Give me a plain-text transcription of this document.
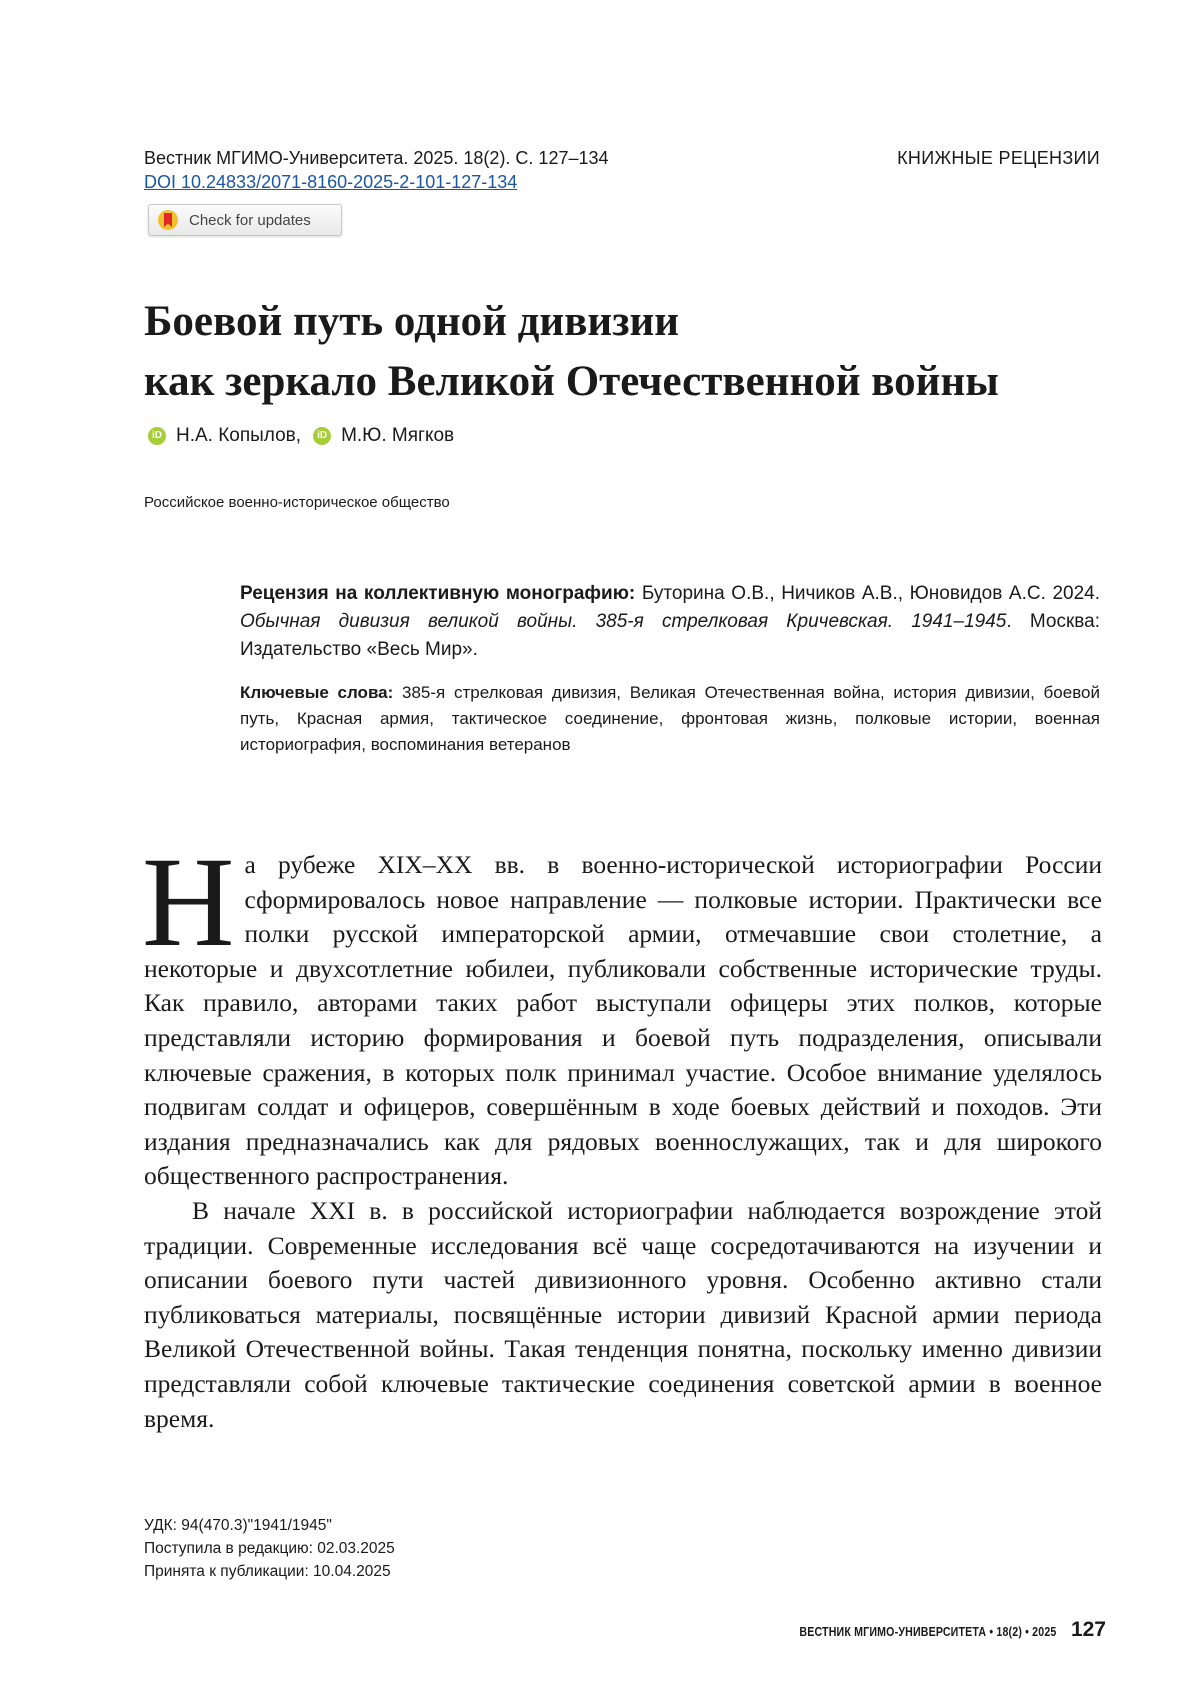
Вестник МГИМО-Университета. 2025. 18(2). С. 127–134	КНИЖНЫЕ РЕЦЕНЗИИ
DOI 10.24833/2071-8160-2025-2-101-127-134
Check for updates
Боевой путь одной дивизии
как зеркало Великой Отечественной войны
iD Н.А. Копылов,	iD М.Ю. Мягков
Российское военно-историческое общество
Рецензия на коллективную монографию: Буторина О.В., Ничиков А.В., Юно­видов А.С. 2024. Обычная дивизия великой войны. 385-я стрелковая Кричевская. 1941–1945. Москва: Издательство «Весь Мир».
Ключевые слова: 385-я стрелковая дивизия, Великая Отечественная война, история ди­визии, боевой путь, Красная армия, тактическое соединение, фронтовая жизнь, полковые истории, военная историография, воспоминания ветеранов

Н а рубеже XIX–XX вв. в военно-исторической историографии России сформировалось новое направление — полковые истории. Практиче­ски все полки русской императорской армии, отмечавшие свои сто­летние, а некоторые и двухсотлетние юбилеи, публиковали собственные исто­рические труды. Как правило, авторами таких работ выступали офицеры этих полков, которые представляли историю формирования и боевой путь подраз­деления, описывали ключевые сражения, в которых полк принимал участие. Особое внимание уделялось подвигам солдат и офицеров, совершённым в ходе боевых действий и походов. Эти издания предназначались как для рядовых военнослужащих, так и для широкого общественного распространения.

В начале XXI в. в российской историографии наблюдается возрожде­ние этой традиции. Современные исследования всё чаще сосредотачиваются на изучении и описании боевого пути частей дивизионного уровня. Особенно активно стали публиковаться материалы, посвящённые истории дивизий Крас­ной армии периода Великой Отечественной войны. Такая тенденция понятна, поскольку именно дивизии представляли собой ключевые тактические соеди­нения советской армии в военное время.

УДК: 94(470.3)"1941/1945"
Поступила в редакцию: 02.03.2025
Принята к публикации: 10.04.2025
ВЕСТНИК МГИМО-УНИВЕРСИТЕТА • 18(2) • 2025 127
